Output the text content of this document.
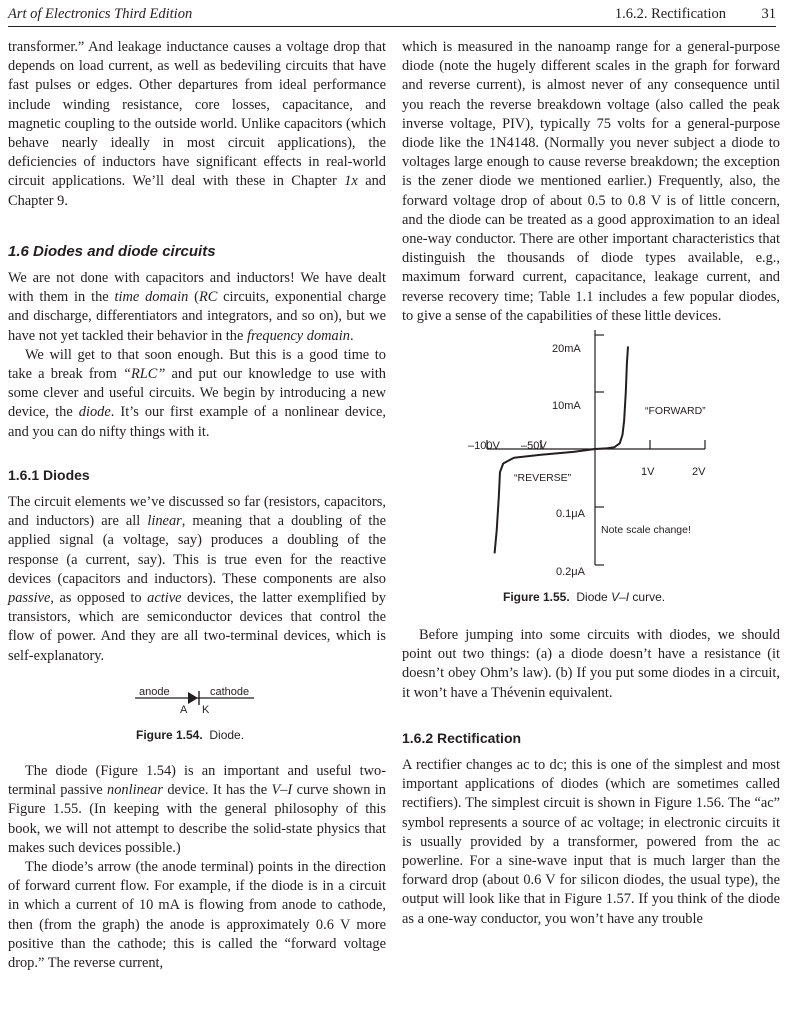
Art of Electronics Third Edition	1.6.2. Rectification 31

transformer.” And leakage inductance causes a voltage drop that depends on load current, as well as bedeviling circuits that have fast pulses or edges. Other departures from ideal performance include winding resistance, core losses, capacitance, and magnetic coupling to the outside world. Unlike capacitors (which behave nearly ideally in most circuit applications), the deficiencies of inductors have significant effects in real-world circuit applications. We’ll deal with these in Chapter 1x and Chapter 9.

1.6 Diodes and diode circuits

We are not done with capacitors and inductors! We have dealt with them in the time domain (RC circuits, exponential charge and discharge, differentiators and integrators, and so on), but we have not yet tackled their behavior in the frequency domain.

We will get to that soon enough. But this is a good time to take a break from “RLC” and put our knowledge to use with some clever and useful circuits. We begin by introducing a new device, the diode. It’s our first example of a nonlinear device, and you can do nifty things with it.

1.6.1 Diodes

The circuit elements we’ve discussed so far (resistors, capacitors, and inductors) are all linear, meaning that a doubling of the applied signal (a voltage, say) produces a doubling of the response (a current, say). This is true even for the reactive devices (capacitors and inductors). These components are also passive, as opposed to active devices, the latter exemplified by transistors, which are semiconductor devices that control the flow of power. And they are all two-terminal devices, which is self-explanatory.

anode	cathode
A K
Figure 1.54. Diode.

The diode (Figure 1.54) is an important and useful two-terminal passive nonlinear device. It has the V–I curve shown in Figure 1.55. (In keeping with the general philosophy of this book, we will not attempt to describe the solid-state physics that makes such devices possible.)

The diode’s arrow (the anode terminal) points in the direction of forward current flow. For example, if the diode is in a circuit in which a current of 10 mA is flowing from anode to cathode, then (from the graph) the anode is approximately 0.6 V more positive than the cathode; this is called the “forward voltage drop.” The reverse current,

which is measured in the nanoamp range for a general-purpose diode (note the hugely different scales in the graph for forward and reverse current), is almost never of any consequence until you reach the reverse breakdown voltage (also called the peak inverse voltage, PIV), typically 75 volts for a general-purpose diode like the 1N4148. (Normally you never subject a diode to voltages large enough to cause reverse breakdown; the exception is the zener diode we mentioned earlier.) Frequently, also, the forward voltage drop of about 0.5 to 0.8 V is of little concern, and the diode can be treated as a good approximation to an ideal one-way conductor. There are other important characteristics that distinguish the thousands of diode types available, e.g., maximum forward current, capacitance, leakage current, and reverse recovery time; Table 1.1 includes a few popular diodes, to give a sense of the capabilities of these little devices.

20mA
10mA
–100V –50V
1V	2V
0.1μA
0.2μA
“FORWARD”
“REVERSE”
Note scale change!
Figure 1.55. Diode V–I curve.

Before jumping into some circuits with diodes, we should point out two things: (a) a diode doesn’t have a resistance (it doesn’t obey Ohm’s law). (b) If you put some diodes in a circuit, it won’t have a Thévenin equivalent.

1.6.2 Rectification

A rectifier changes ac to dc; this is one of the simplest and most important applications of diodes (which are sometimes called rectifiers). The simplest circuit is shown in Figure 1.56. The “ac” symbol represents a source of ac voltage; in electronic circuits it is usually provided by a transformer, powered from the ac powerline. For a sine-wave input that is much larger than the forward drop (about 0.6 V for silicon diodes, the usual type), the output will look like that in Figure 1.57. If you think of the diode as a one-way conductor, you won’t have any trouble
